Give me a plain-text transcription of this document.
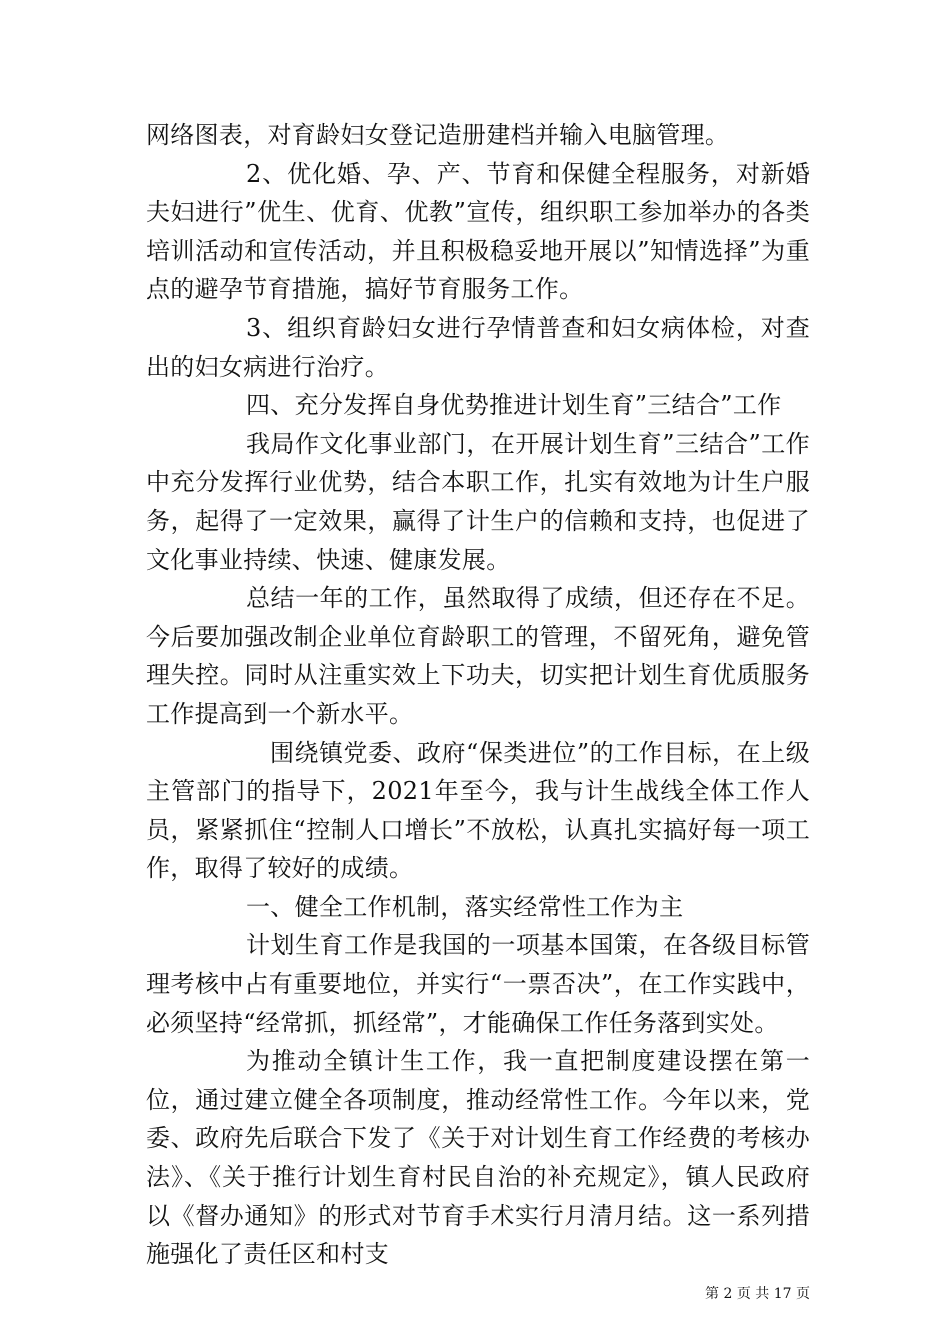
网络图表，对育龄妇女登记造册建档并输入电脑管理。

2、优化婚、孕、产、节育和保健全程服务，对新婚夫妇进行”优生、优育、优教”宣传，组织职工参加举办的各类培训活动和宣传活动，并且积极稳妥地开展以”知情选择”为重点的避孕节育措施，搞好节育服务工作。

3、组织育龄妇女进行孕情普查和妇女病体检，对查出的妇女病进行治疗。

四、充分发挥自身优势推进计划生育”三结合”工作

我局作文化事业部门，在开展计划生育”三结合”工作中充分发挥行业优势，结合本职工作，扎实有效地为计生户服务，起得了一定效果，赢得了计生户的信赖和支持，也促进了文化事业持续、快速、健康发展。

总结一年的工作，虽然取得了成绩，但还存在不足。今后要加强改制企业单位育龄职工的管理，不留死角，避免管理失控。同时从注重实效上下功夫，切实把计划生育优质服务工作提高到一个新水平。

围绕镇党委、政府“保类进位”的工作目标，在上级主管部门的指导下，2021年至今，我与计生战线全体工作人员，紧紧抓住“控制人口增长”不放松，认真扎实搞好每一项工作，取得了较好的成绩。

一、健全工作机制，落实经常性工作为主

计划生育工作是我国的一项基本国策，在各级目标管理考核中占有重要地位，并实行“一票否决”，在工作实践中，必须坚持“经常抓，抓经常”，才能确保工作任务落到实处。

为推动全镇计生工作，我一直把制度建设摆在第一位，通过建立健全各项制度，推动经常性工作。今年以来，党委、政府先后联合下发了《关于对计划生育工作经费的考核办法》、《关于推行计划生育村民自治的补充规定》，镇人民政府以《督办通知》的形式对节育手术实行月清月结。这一系列措施强化了责任区和村支

第 2 页 共 17 页
